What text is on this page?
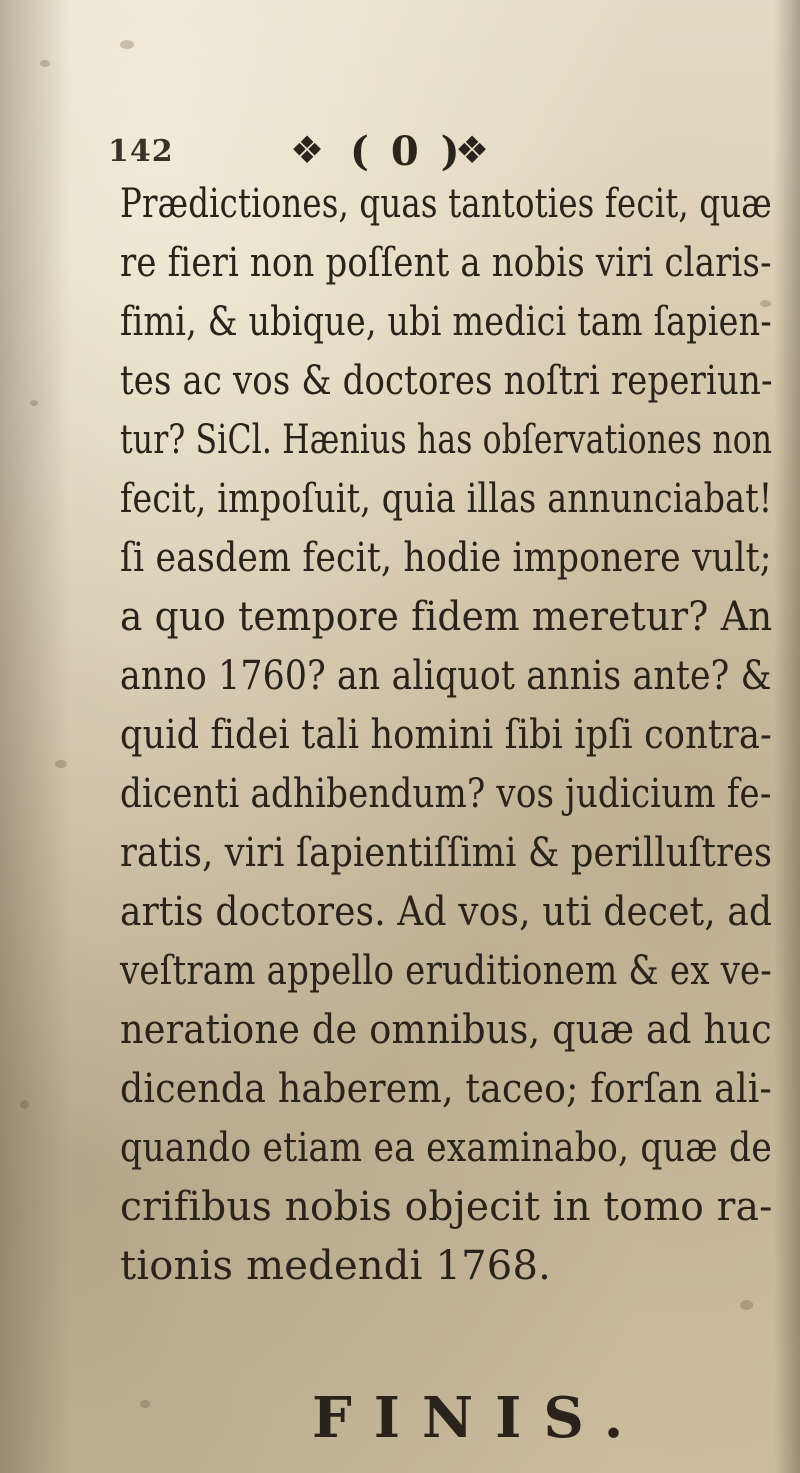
142	❖ ( 0 )
❖
Prædictiones, quas tantoties fecit, quæ
re fieri non poſſent a nobis viri claris-
fimi, & ubique, ubi medici tam ſapien-
tes ac vos & doctores noſtri reperiun-
tur? SiCl. Hænius has obſervationes non
fecit, impoſuit, quia illas annunciabat!
ſi easdem fecit, hodie imponere vult;
a quo tempore fidem meretur? An
anno 1760? an aliquot annis ante? &
quid fidei tali homini ſibi ipſi contra-
dicenti adhibendum? vos judicium fe-
ratis, viri ſapientiſſimi & perilluſtres
artis doctores. Ad vos, uti decet, ad
veſtram appello eruditionem & ex ve-
neratione de omnibus, quæ ad huc
dicenda haberem, taceo; forſan ali-
quando etiam ea examinabo, quæ de
crifibus nobis objecit in tomo ra-
tionis medendi 1768.
FINIS.
